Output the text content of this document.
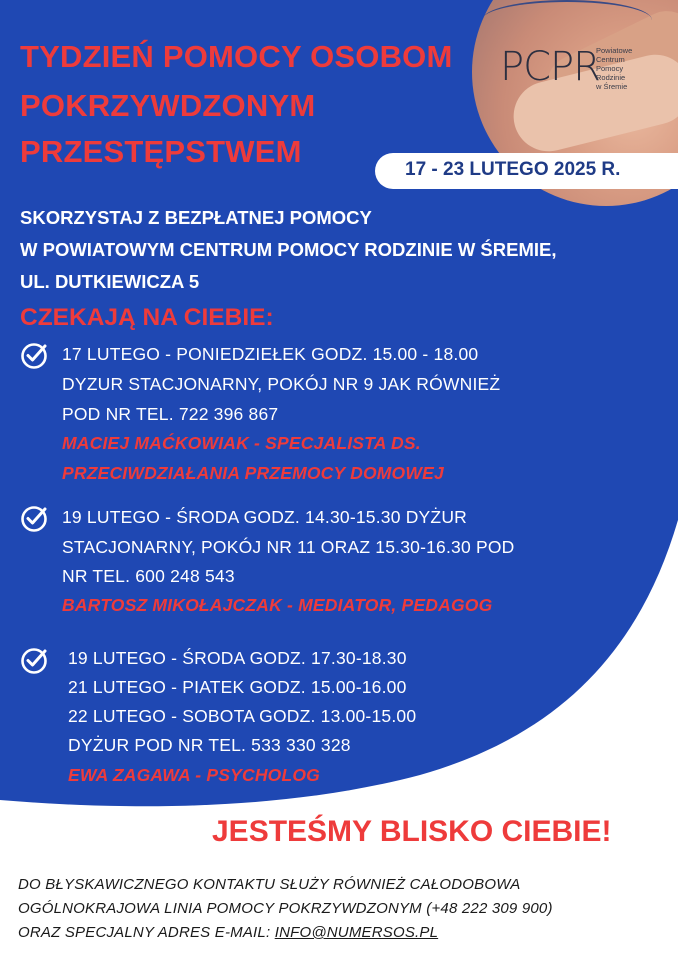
PCPR
Powiatowe
Centrum
Pomocy
Rodzinie
w Śremie
TYDZIEŃ POMOCY OSOBOM
POKRZYWDZONYM
PRZESTĘPSTWEM
17 - 23 LUTEGO 2025 R.
SKORZYSTAJ Z BEZPŁATNEJ POMOCY
W POWIATOWYM CENTRUM POMOCY RODZINIE W ŚREMIE,
UL. DUTKIEWICZA 5
CZEKAJĄ NA CIEBIE:
17 LUTEGO - PONIEDZIEŁEK GODZ. 15.00 - 18.00
DYZUR STACJONARNY, POKÓJ NR 9 JAK RÓWNIEŻ
POD NR TEL. 722 396 867
MACIEJ MAĆKOWIAK - SPECJALISTA DS.
PRZECIWDZIAŁANIA PRZEMOCY DOMOWEJ
19 LUTEGO - ŚRODA GODZ. 14.30-15.30 DYŻUR
STACJONARNY, POKÓJ NR 11 ORAZ 15.30-16.30 POD
NR TEL. 600 248 543
BARTOSZ MIKOŁAJCZAK - MEDIATOR, PEDAGOG
19 LUTEGO - ŚRODA GODZ. 17.30-18.30
21 LUTEGO - PIATEK GODZ. 15.00-16.00
22 LUTEGO - SOBOTA GODZ. 13.00-15.00
DYŻUR POD NR TEL. 533 330 328
EWA ZAGAWA - PSYCHOLOG
JESTEŚMY BLISKO CIEBIE!
DO BŁYSKAWICZNEGO KONTAKTU SŁUŻY RÓWNIEŻ CAŁODOBOWA
OGÓLNOKRAJOWA LINIA POMOCY POKRZYWDZONYM (+48 222 309 900)
ORAZ SPECJALNY ADRES E-MAIL: INFO@NUMERSOS.PL
